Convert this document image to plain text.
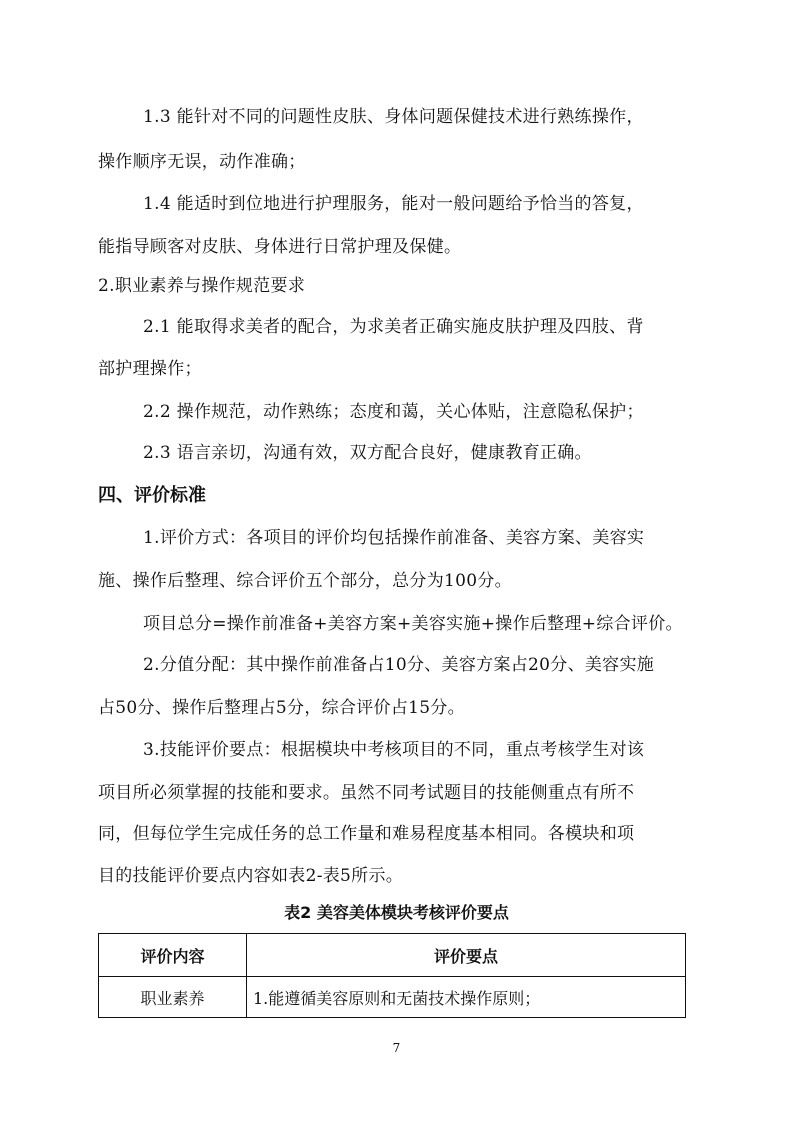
1.3 能针对不同的问题性皮肤、身体问题保健技术进行熟练操作，
操作顺序无误，动作准确；
1.4 能适时到位地进行护理服务，能对一般问题给予恰当的答复，
能指导顾客对皮肤、身体进行日常护理及保健。
2.职业素养与操作规范要求
2.1 能取得求美者的配合，为求美者正确实施皮肤护理及四肢、背
部护理操作；
2.2 操作规范，动作熟练；态度和蔼，关心体贴，注意隐私保护；
2.3 语言亲切，沟通有效，双方配合良好，健康教育正确。
四、评价标准
1.评价方式：各项目的评价均包括操作前准备、美容方案、美容实
施、操作后整理、综合评价五个部分，总分为100分。
项目总分=操作前准备+美容方案+美容实施+操作后整理+综合评价。
2.分值分配：其中操作前准备占10分、美容方案占20分、美容实施
占50分、操作后整理占5分，综合评价占15分。
3.技能评价要点：根据模块中考核项目的不同，重点考核学生对该
项目所必须掌握的技能和要求。虽然不同考试题目的技能侧重点有所不
同，但每位学生完成任务的总工作量和难易程度基本相同。各模块和项
目的技能评价要点内容如表2-表5所示。
表2 美容美体模块考核评价要点
评价内容	评价要点
职业素养	1.能遵循美容原则和无菌技术操作原则；
7
